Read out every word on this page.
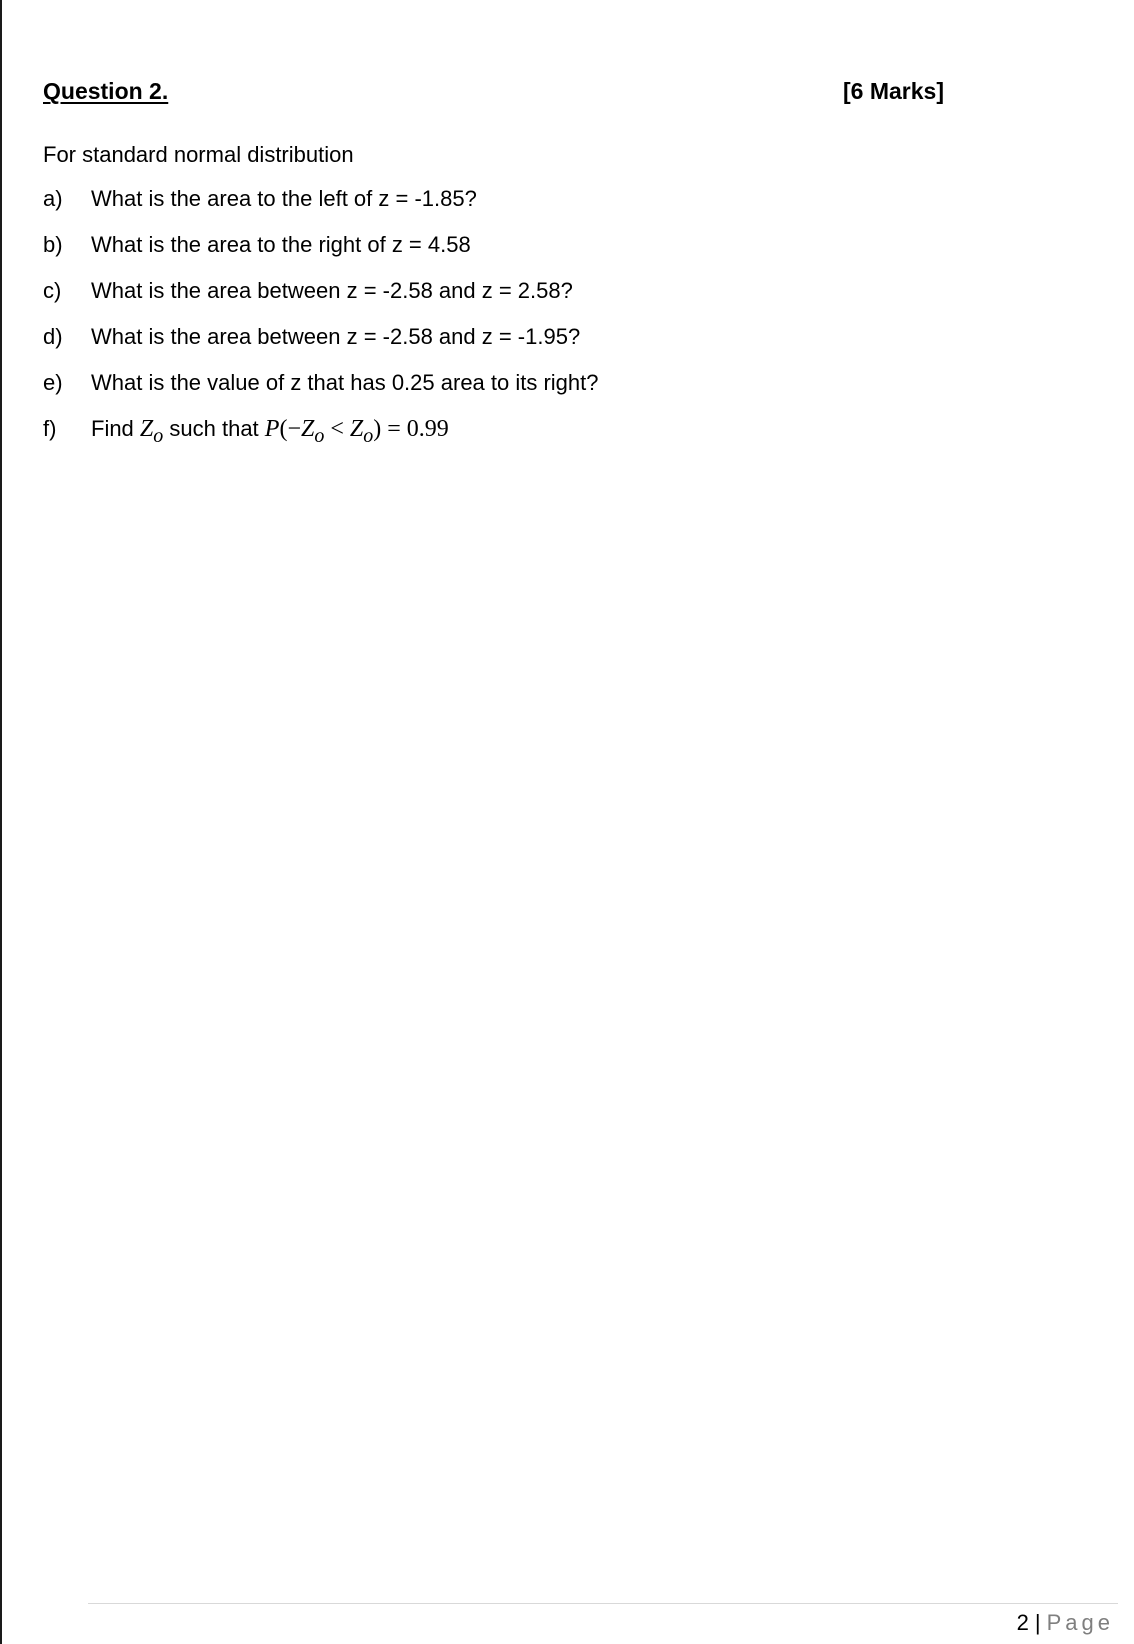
Question 2.	[6 Marks]
For standard normal distribution
a)	What is the area to the left of z = -1.85?
b)	What is the area to the right of z = 4.58
c)	What is the area between z = -2.58 and z = 2.58?
d)	What is the area between z = -2.58 and z = -1.95?
e)	What is the value of z that has 0.25 area to its right?
f)	Find $Z_o$ such that $P(-Z_o < Z_o) = 0.99$
2 | Page
